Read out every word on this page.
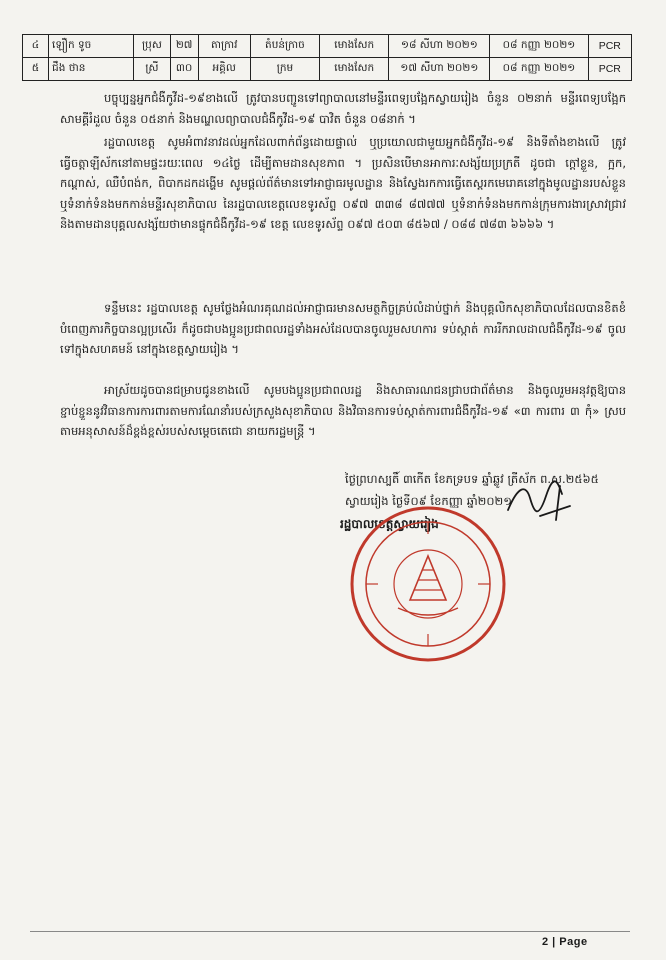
៤	ឡឿក ទូច	ប្រុស	២៧	តាក្រាវ	តំបន់ក្រាច	មោងសែក	១៨ សីហា ២០២១	០៨ កញ្ញា ២០២១	PCR
៥	ជឹង ថាន	ស្រី	៣០	អគ្គិល	ក្រម	មោងសែក	១៧ សីហា ២០២១	០៨ កញ្ញា ២០២១	PCR

បច្ចុប្បន្នអ្នកជំងឺកូវីដ-១៩ខាងលើ ត្រូវបានបញ្ជូនទៅព្យាបាលនៅមន្ទីរពេទ្យបង្អែកស្វាយរៀង ចំនួន ០២នាក់ មន្ទីរពេទ្យបង្អែកសាមគ្គីរំដួល ចំនួន ០៥នាក់ និងមណ្ឌលព្យាបាលជំងឺកូវីដ-១៩ បាវិត ចំនួន ០៨នាក់ ។

រដ្ឋបាលខេត្ត សូមអំពាវនាវដល់អ្នកដែលពាក់ព័ន្ធដោយផ្ទាល់ ឬប្រយោលជាមួយអ្នកជំងឺកូវីដ-១៩ និងទីតាំងខាងលើ ត្រូវធ្វើចត្តាឡីស័កនៅតាមផ្ទះរយៈពេល ១៤ថ្ងៃ ដើម្បីតាមដានសុខភាព ។ ប្រសិនបើមានអាការៈសង្ស័យប្រក្រតី ដូចជា ក្តៅខ្លួន, ក្អក, កណ្តាស់, ឈឺបំពង់ក, ពិបាកដកដង្ហើម សូមផ្តល់ព័ត៌មានទៅអាជ្ញាធរមូលដ្ឋាន និងស្វែងរកការធ្វើតេស្តរកមេរោគនៅក្នុងមូលដ្ឋានរបស់ខ្លួន ឬទំនាក់ទំនងមកកាន់មន្ទីរសុខាភិបាល នៃរដ្ឋបាលខេត្តលេខទូរស័ព្ទ ០៩៧ ៣៣៨ ៨៧៧៧ ឬទំនាក់ទំនងមកកាន់ក្រុមការងារស្រាវជ្រាវ និងតាមដានបុគ្គលសង្ស័យថាមានផ្ទុកជំងឺកូវីដ-១៩ ខេត្ត លេខទូរស័ព្ទ ០៩៧ ៥០៣ ៨៥៦៧ / ០៨៨ ៧៨៣ ៦៦៦៦ ។

ទន្ទឹមនេះ រដ្ឋបាលខេត្ត សូមថ្លែងអំណរគុណដល់អាជ្ញាធរមានសមត្ថកិច្ចគ្រប់លំដាប់ថ្នាក់ និងបុគ្គលិកសុខាភិបាលដែលបានខិតខំបំពេញភារកិច្ចបានល្អប្រសើរ ក៏ដូចជាបងប្អូនប្រជាពលរដ្ឋទាំងអស់ដែលបានចូលរួមសហការ ទប់ស្កាត់ ការរីករាលដាលជំងឺកូវីដ-១៩ ចូលទៅក្នុងសហគមន៍ នៅក្នុងខេត្តស្វាយរៀង ។

អាស្រ័យដូចបានជម្រាបជូនខាងលើ សូមបងប្អូនប្រជាពលរដ្ឋ និងសាធារណជនជ្រាបជាព័ត៌មាន និងចូលរួមអនុវត្តឱ្យបានខ្ជាប់ខ្ជួននូវវិធានការការពារតាមការណែនាំរបស់ក្រសួងសុខាភិបាល និងវិធានការទប់ស្កាត់ការពារជំងឺកូវីដ-១៩ «៣ ការពារ ៣ កុំ» ស្របតាមអនុសាសន៍ដ៏ខ្ពង់ខ្ពស់របស់សម្តេចតេជោ នាយករដ្ឋមន្ត្រី ។

ថ្ងៃព្រហស្បតិ៍ ៣កើត ខែភទ្របទ ឆ្នាំឆ្លូវ ត្រីស័ក ព.ស.២៥៦៥
ស្វាយរៀង ថ្ងៃទី០៩ ខែកញ្ញា ឆ្នាំ២០២១
រដ្ឋបាលខេត្តស្វាយរៀង
2 | Page
